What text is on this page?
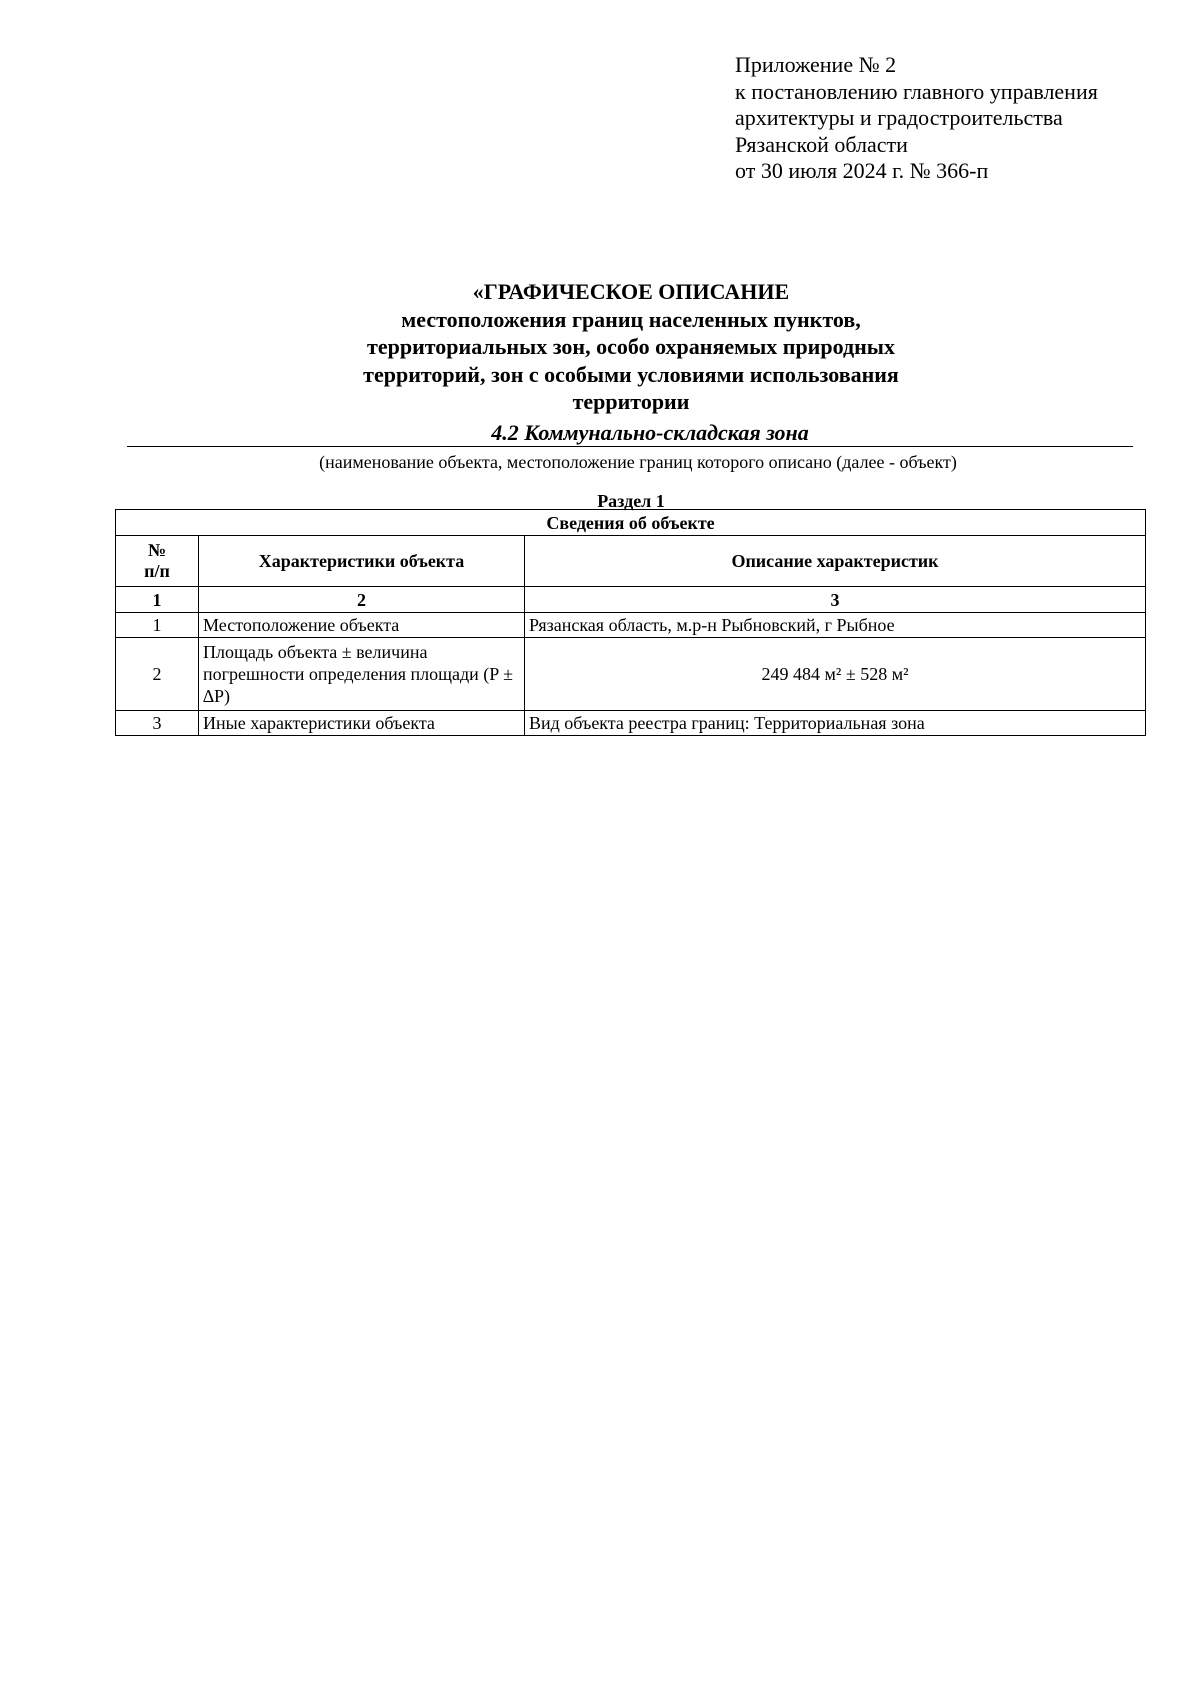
Приложение № 2
к постановлению главного управления
архитектуры и градостроительства
Рязанской области
от 30 июля 2024 г. № 366-п
«ГРАФИЧЕСКОЕ ОПИСАНИЕ
местоположения границ населенных пунктов,
территориальных зон, особо охраняемых природных
территорий, зон с особыми условиями использования
территории
4.2 Коммунально-складская зона
(наименование объекта, местоположение границ которого описано (далее - объект)
Раздел 1
Сведения об объекте		
№
п/п	Характеристики объекта	Описание характеристик
1	2	3
1	Местоположение объекта	Рязанская область, м.р-н Рыбновский, г Рыбное
2	Площадь объекта ± величина погрешности определения площади (P ± ∆P)	249 484 м² ± 528 м²
3	Иные характеристики объекта	Вид объекта реестра границ: Территориальная зона
